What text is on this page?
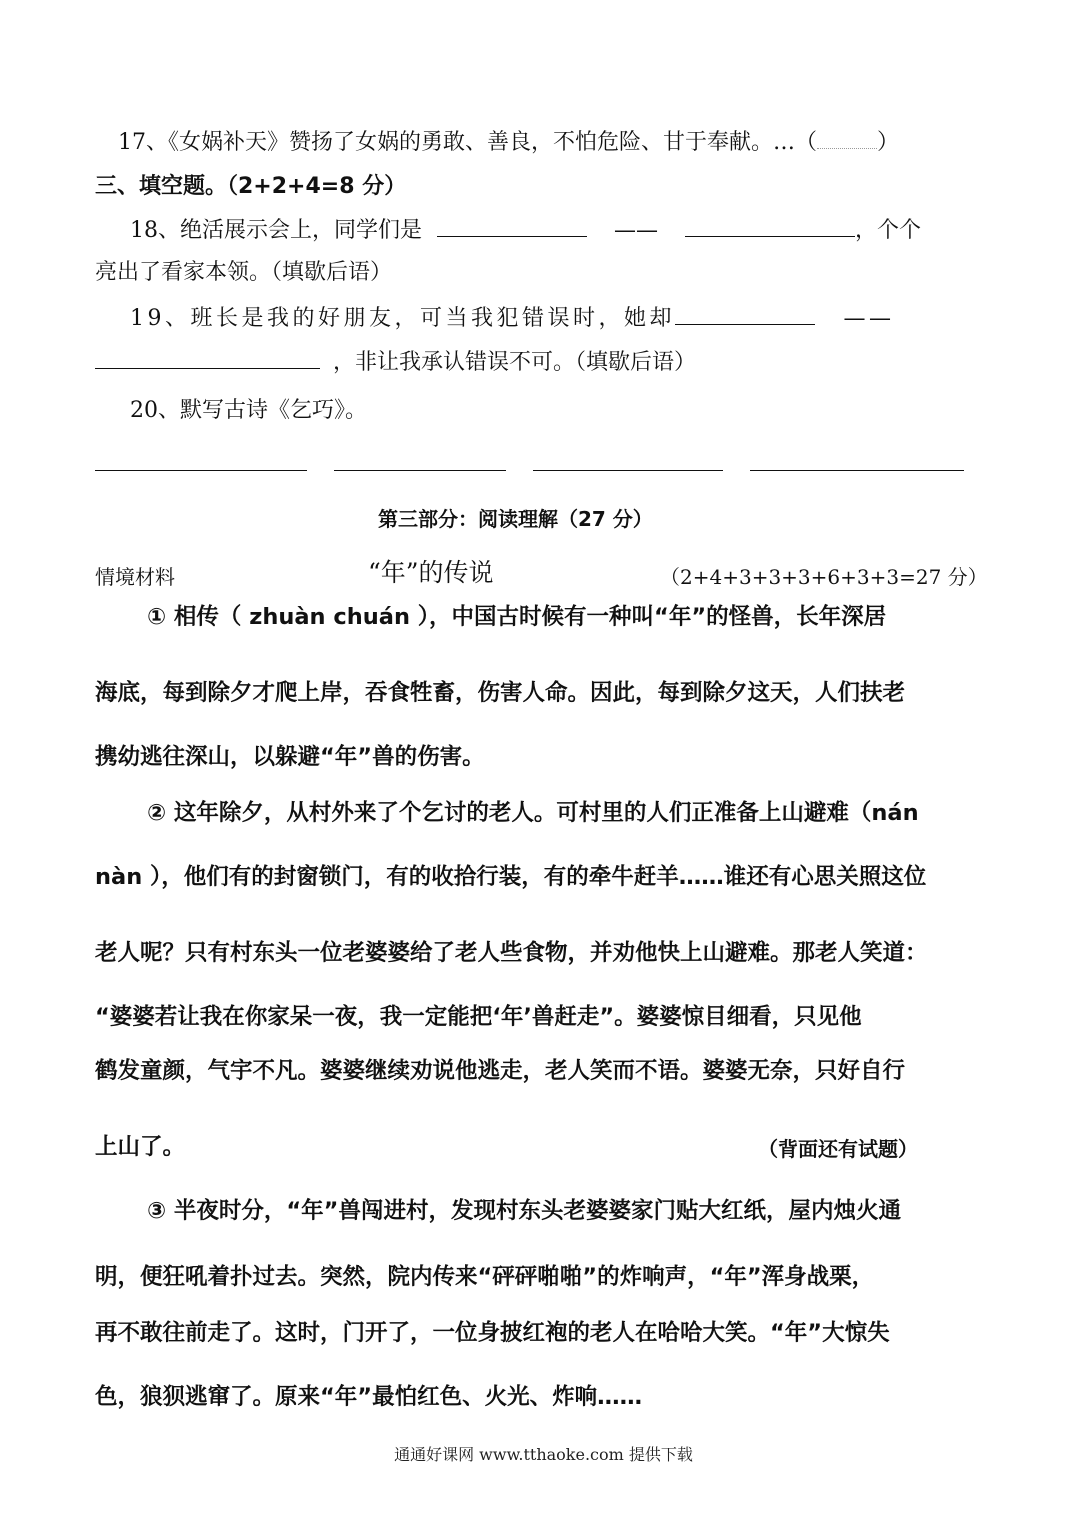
17、《女娲补天》赞扬了女娲的勇敢、善良，不怕危险、甘于奉献。…（	）
三、填空题。（2+2+4=8 分）
18、绝活展示会上，同学们是	——	，个个
亮出了看家本领。（填歇后语）
19、班长是我的好朋友，可当我犯错误时，她却	——
，非让我承认错误不可。（填歇后语）
20、默写古诗《乞巧》。

第三部分：阅读理解（27 分）
情境材料	“年”的传说	（2+4+3+3+3+6+3+3=27 分）
① 相传（ zhuàn chuán ），中国古时候有一种叫“年”的怪兽，长年深居
海底，每到除夕才爬上岸，吞食牲畜，伤害人命。因此，每到除夕这天，人们扶老
携幼逃往深山，以躲避“年”兽的伤害。
② 这年除夕，从村外来了个乞讨的老人。可村里的人们正准备上山避难（nán
nàn ），他们有的封窗锁门，有的收拾行装，有的牵牛赶羊……谁还有心思关照这位
老人呢？只有村东头一位老婆婆给了老人些食物，并劝他快上山避难。那老人笑道：
“婆婆若让我在你家呆一夜，我一定能把‘年’兽赶走”。婆婆惊目细看，只见他
鹤发童颜，气宇不凡。婆婆继续劝说他逃走，老人笑而不语。婆婆无奈，只好自行
上山了。	（背面还有试题）
③ 半夜时分，“年”兽闯进村，发现村东头老婆婆家门贴大红纸，屋内烛火通
明，便狂吼着扑过去。突然，院内传来“砰砰啪啪”的炸响声，“年”浑身战栗，
再不敢往前走了。这时，门开了，一位身披红袍的老人在哈哈大笑。“年”大惊失
色，狼狈逃窜了。原来“年”最怕红色、火光、炸响……
通通好课网 www.tthaoke.com 提供下载
